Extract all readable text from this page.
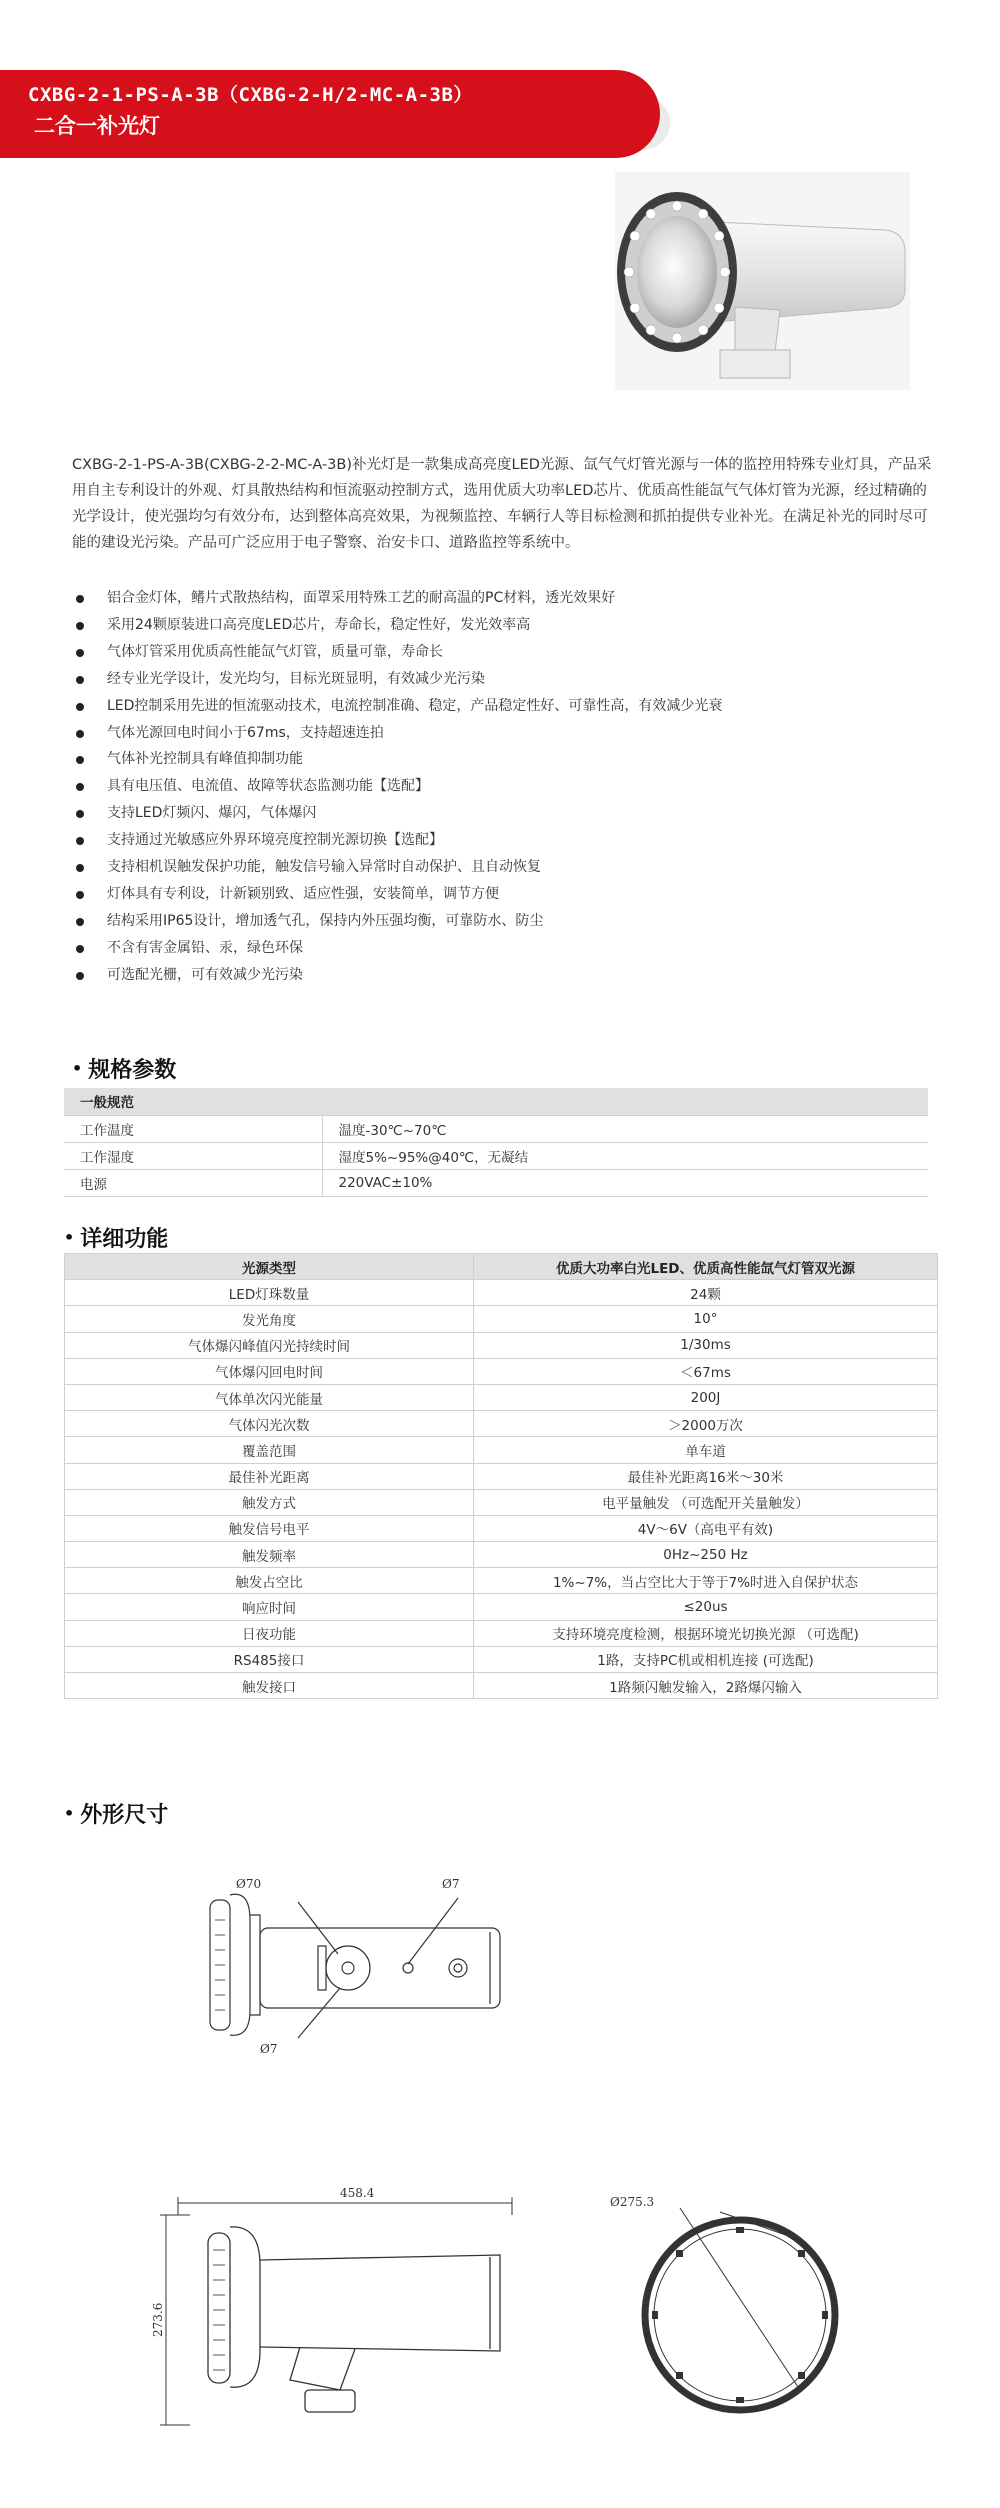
CXBG-2-1-PS-A-3B（CXBG-2-H/2-MC-A-3B）
二合一补光灯

CXBG-2-1-PS-A-3B(CXBG-2-2-MC-A-3B)补光灯是一款集成高亮度LED光源、氙气气灯管光源与一体的监控用特殊专业灯具，产品采用自主专利设计的外观、灯具散热结构和恒流驱动控制方式，选用优质大功率LED芯片、优质高性能氙气气体灯管为光源，经过精确的光学设计，使光强均匀有效分布，达到整体高亮效果，为视频监控、车辆行人等目标检测和抓拍提供专业补光。在满足补光的同时尽可能的建设光污染。产品可广泛应用于电子警察、治安卡口、道路监控等系统中。

铝合金灯体，鳍片式散热结构，面罩采用特殊工艺的耐高温的PC材料，透光效果好
采用24颗原装进口高亮度LED芯片，寿命长，稳定性好，发光效率高
气体灯管采用优质高性能氙气灯管，质量可靠，寿命长
经专业光学设计，发光均匀，目标光斑显明，有效减少光污染
LED控制采用先进的恒流驱动技术，电流控制准确、稳定，产品稳定性好、可靠性高，有效减少光衰
气体光源回电时间小于67ms，支持超速连拍
气体补光控制具有峰值抑制功能
具有电压值、电流值、故障等状态监测功能【选配】
支持LED灯频闪、爆闪，气体爆闪
支持通过光敏感应外界环境亮度控制光源切换【选配】
支持相机误触发保护功能，触发信号输入异常时自动保护、且自动恢复
灯体具有专利设，计新颖别致、适应性强，安装简单，调节方便
结构采用IP65设计，增加透气孔，保持内外压强均衡，可靠防水、防尘
不含有害金属铅、汞，绿色环保
可选配光栅，可有效减少光污染
• 规格参数
一般规范	
工作温度	温度-30℃~70℃
工作湿度	湿度5%~95%@40℃，无凝结
电源	220VAC±10%
• 详细功能
光源类型	优质大功率白光LED、优质高性能氙气灯管双光源
LED灯珠数量	24颗
发光角度	10°
气体爆闪峰值闪光持续时间	1/30ms
气体爆闪回电时间	＜67ms
气体单次闪光能量	200J
气体闪光次数	＞2000万次
覆盖范围	单车道
最佳补光距离	最佳补光距离16米～30米
触发方式	电平量触发 （可选配开关量触发）
触发信号电平	4V～6V（高电平有效)
触发频率	0Hz~250 Hz
触发占空比	1%~7%，当占空比大于等于7%时进入自保护状态
响应时间	≤20us
日夜功能	支持环境亮度检测，根据环境光切换光源 （可选配)
RS485接口	1路，支持PC机或相机连接 (可选配)
触发接口	1路频闪触发输入，2路爆闪输入
• 外形尺寸
Ø70	Ø7
Ø7
458.4
273.6
Ø275.3
